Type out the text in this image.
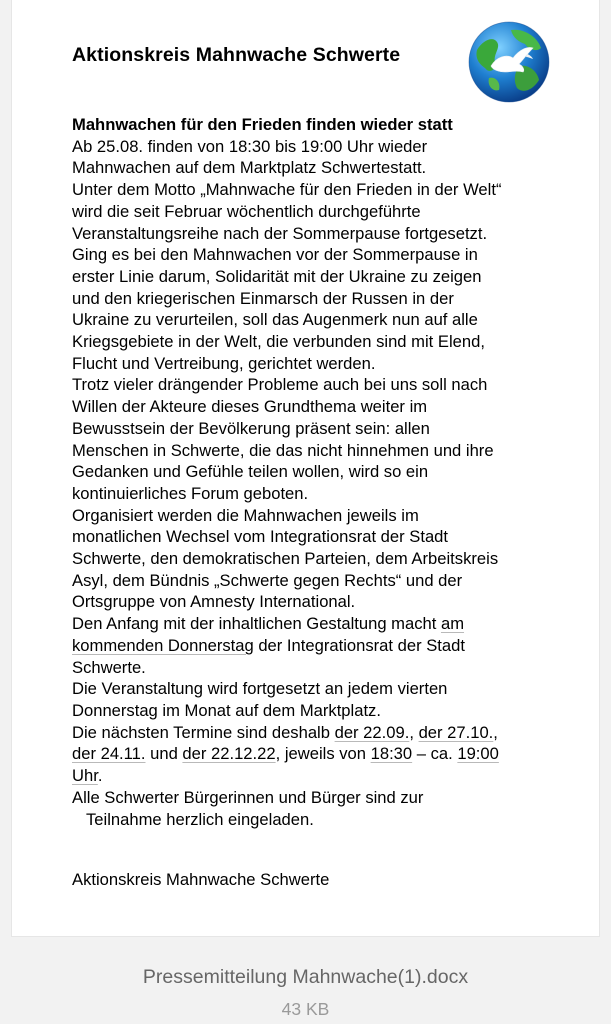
Aktionskreis Mahnwache Schwerte
Mahnwachen für den Frieden finden wieder statt
Ab 25.08. finden von 18:30 bis 19:00 Uhr wieder
Mahnwachen auf dem Marktplatz Schwertestatt.
Unter dem Motto „Mahnwache für den Frieden in der Welt“
wird die seit Februar wöchentlich durchgeführte
Veranstaltungsreihe nach der Sommerpause fortgesetzt.
Ging es bei den Mahnwachen vor der Sommerpause in
erster Linie darum, Solidarität mit der Ukraine zu zeigen
und den kriegerischen Einmarsch der Russen in der
Ukraine zu verurteilen, soll das Augenmerk nun auf alle
Kriegsgebiete in der Welt, die verbunden sind mit Elend,
Flucht und Vertreibung, gerichtet werden.
Trotz vieler drängender Probleme auch bei uns soll nach
Willen der Akteure dieses Grundthema weiter im
Bewusstsein der Bevölkerung präsent sein: allen
Menschen in Schwerte, die das nicht hinnehmen und ihre
Gedanken und Gefühle teilen wollen, wird so ein
kontinuierliches Forum geboten.
Organisiert werden die Mahnwachen jeweils im
monatlichen Wechsel vom Integrationsrat der Stadt
Schwerte, den demokratischen Parteien, dem Arbeitskreis
Asyl, dem Bündnis „Schwerte gegen Rechts“ und der
Ortsgruppe von Amnesty International.
Den Anfang mit der inhaltlichen Gestaltung macht am
kommenden Donnerstag der Integrationsrat der Stadt
Schwerte.
Die Veranstaltung wird fortgesetzt an jedem vierten
Donnerstag im Monat auf dem Marktplatz.
Die nächsten Termine sind deshalb der 22.09., der 27.10.,
der 24.11. und der 22.12.22, jeweils von 18:30 – ca. 19:00
Uhr.
Alle Schwerter Bürgerinnen und Bürger sind zur
Teilnahme herzlich eingeladen.
Aktionskreis Mahnwache Schwerte
Pressemitteilung Mahnwache(1).docx
43 KB
